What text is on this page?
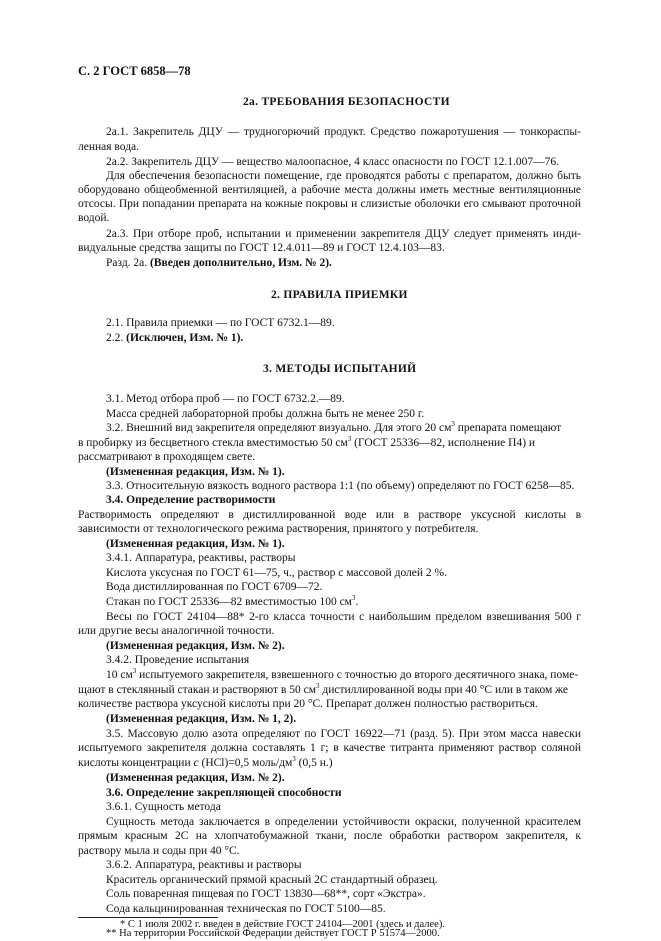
С. 2 ГОСТ 6858—78
2а. ТРЕБОВАНИЯ БЕЗОПАСНОСТИ
2а.1. Закрепитель ДЦУ — трудногорючий продукт. Средство пожаротушения — тонкораспы-
ленная вода.
2а.2. Закрепитель ДЦУ — вещество малоопасное, 4 класс опасности по ГОСТ 12.1.007—76.
Для обеспечения безопасности помещение, где проводятся работы с препаратом, должно быть
оборудовано общеобменной вентиляцией, а рабочие места должны иметь местные вентиляционные
отсосы. При попадании препарата на кожные покровы и слизистые оболочки его смывают проточной
водой.
2а.3. При отборе проб, испытании и применении закрепителя ДЦУ следует применять инди-
видуальные средства защиты по ГОСТ 12.4.011—89 и ГОСТ 12.4.103—83.
Разд. 2а. (Введен дополнительно, Изм. № 2).
2. ПРАВИЛА ПРИЕМКИ
2.1. Правила приемки — по ГОСТ 6732.1—89.
2.2. (Исключен, Изм. № 1).
3. МЕТОДЫ ИСПЫТАНИЙ
3.1. Метод отбора проб — по ГОСТ 6732.2.—89.
Масса средней лабораторной пробы должна быть не менее 250 г.
3.2. Внешний вид закрепителя определяют визуально. Для этого 20 $см^3$ препарата помещают
в пробирку из бесцветного стекла вместимостью 50 $см^3$ (ГОСТ 25336—82, исполнение П4) и
рассматривают в проходящем свете.
(Измененная редакция, Изм. № 1).
3.3. Относительную вязкость водного раствора 1:1 (по объему) определяют по ГОСТ 6258—85.
3.4. Определение растворимости
Растворимость определяют в дистиллированной воде или в растворе уксусной кислоты в
зависимости от технологического режима растворения, принятого у потребителя.
(Измененная редакция, Изм. № 1).
3.4.1. Аппаратура, реактивы, растворы
Кислота уксусная по ГОСТ 61—75, ч., раствор с массовой долей 2 %.
Вода дистиллированная по ГОСТ 6709—72.
Стакан по ГОСТ 25336—82 вместимостью 100 $см^3$.
Весы по ГОСТ 24104—88* 2-го класса точности с наибольшим пределом взвешивания 500 г
или другие весы аналогичной точности.
(Измененная редакция, Изм. № 2).
3.4.2. Проведение испытания
10 $см^3$ испытуемого закрепителя, взвешенного с точностью до второго десятичного знака, поме-
щают в стеклянный стакан и растворяют в 50 $см^3$ дистиллированной воды при 40 °С или в таком же
количестве раствора уксусной кислоты при 20 °С. Препарат должен полностью раствориться.
(Измененная редакция, Изм. № 1, 2).
3.5. Массовую долю азота определяют по ГОСТ 16922—71 (разд. 5). При этом масса навески
испытуемого закрепителя должна составлять 1 г; в качестве титранта применяют раствор соляной
кислоты концентрации c (HCl)=0,5 моль/$дм^3$ (0,5 н.)
(Измененная редакция, Изм. № 2).
3.6. Определение закрепляющей способности
3.6.1. Сущность метода
Сущность метода заключается в определении устойчивости окраски, полученной красителем
прямым красным 2С на хлопчатобумажной ткани, после обработки раствором закрепителя, к
раствору мыла и соды при 40 °С.
3.6.2. Аппаратура, реактивы и растворы
Краситель органический прямой красный 2С стандартный образец.
Соль поваренная пищевая по ГОСТ 13830—68**, сорт «Экстра».
Сода кальцинированная техническая по ГОСТ 5100—85.
* С 1 июля 2002 г. введен в действие ГОСТ 24104—2001 (здесь и далее).
** На территории Российской Федерации действует ГОСТ Р 51574—2000.
